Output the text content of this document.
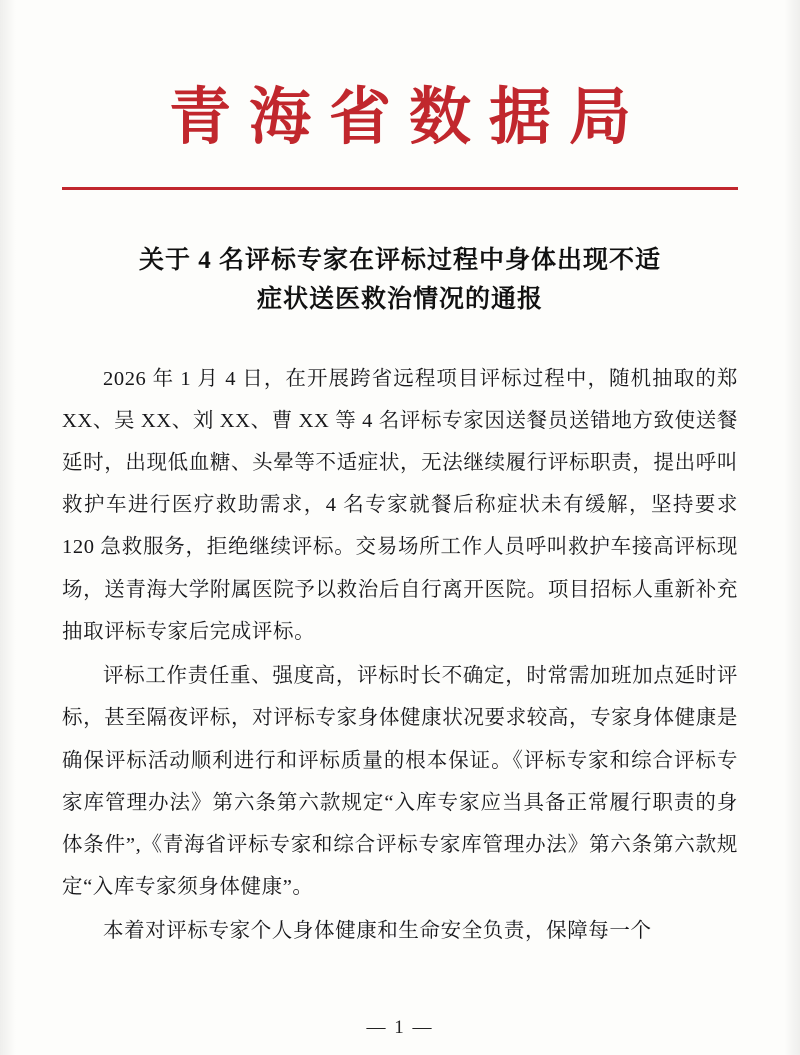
青海省数据局
关于 4 名评标专家在评标过程中身体出现不适
症状送医救治情况的通报

2026 年 1 月 4 日，在开展跨省远程项目评标过程中，随机抽取的郑 XX、吴 XX、刘 XX、曹 XX 等 4 名评标专家因送餐员送错地方致使送餐延时，出现低血糖、头晕等不适症状，无法继续履行评标职责，提出呼叫救护车进行医疗救助需求，4 名专家就餐后称症状未有缓解，坚持要求 120 急救服务，拒绝继续评标。交易场所工作人员呼叫救护车接高评标现场，送青海大学附属医院予以救治后自行离开医院。项目招标人重新补充抽取评标专家后完成评标。

评标工作责任重、强度高，评标时长不确定，时常需加班加点延时评标，甚至隔夜评标，对评标专家身体健康状况要求较高，专家身体健康是确保评标活动顺利进行和评标质量的根本保证。《评标专家和综合评标专家库管理办法》第六条第六款规定“入库专家应当具备正常履行职责的身体条件”,《青海省评标专家和综合评标专家库管理办法》第六条第六款规定“入库专家须身体健康”。

本着对评标专家个人身体健康和生命安全负责，保障每一个

— 1 —
